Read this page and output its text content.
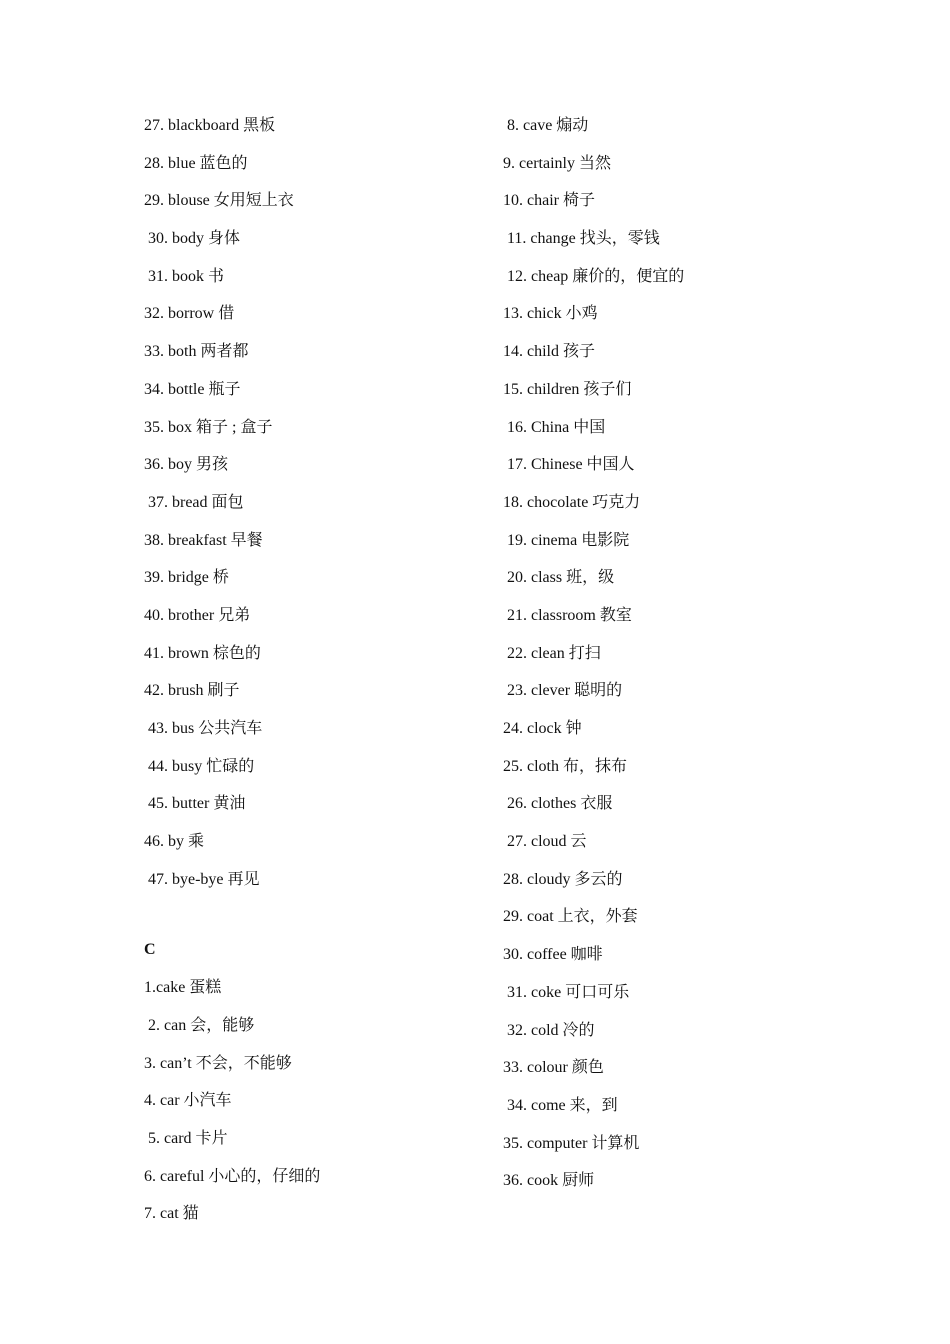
27. blackboard 黑板
28. blue 蓝色的
29. blouse 女用短上衣
30. body 身体
31. book 书
32. borrow 借
33. both 两者都
34. bottle 瓶子
35. box 箱子 ; 盒子
36. boy 男孩
37. bread 面包
38. breakfast 早餐
39. bridge 桥
40. brother 兄弟
41. brown 棕色的
42. brush 刷子
43. bus 公共汽车
44. busy 忙碌的
45. butter 黄油
46. by 乘
47. bye-bye 再见
C
1.cake 蛋糕
2. can 会，能够
3. can’t 不会，不能够
4. car 小汽车
5. card 卡片
6. careful 小心的，仔细的
7. cat 猫
8. cave 煽动
9. certainly 当然
10. chair 椅子
11. change 找头，零钱
12. cheap 廉价的，便宜的
13. chick 小鸡
14. child 孩子
15. children 孩子们
16. China 中国
17. Chinese 中国人
18. chocolate 巧克力
19. cinema 电影院
20. class 班，级
21. classroom 教室
22. clean 打扫
23. clever 聪明的
24. clock 钟
25. cloth 布，抹布
26. clothes 衣服
27. cloud 云
28. cloudy 多云的
29. coat 上衣，外套
30. coffee 咖啡
31. coke 可口可乐
32. cold 冷的
33. colour 颜色
34. come 来，到
35. computer 计算机
36. cook 厨师
